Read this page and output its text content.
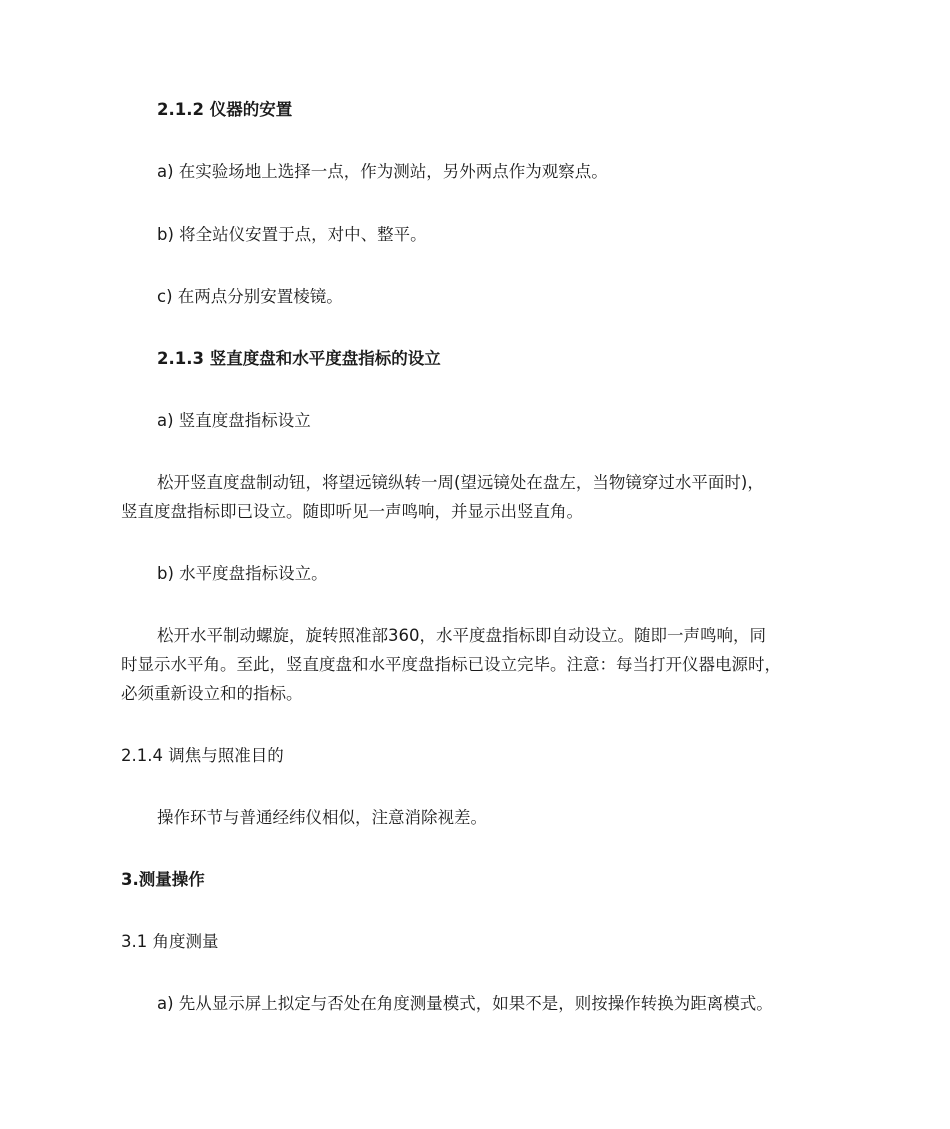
2.1.2 仪器的安置

a) 在实验场地上选择一点，作为测站，另外两点作为观察点。

b) 将全站仪安置于点，对中、整平。

c) 在两点分别安置棱镜。

2.1.3 竖直度盘和水平度盘指标的设立

a) 竖直度盘指标设立

松开竖直度盘制动钮，将望远镜纵转一周(望远镜处在盘左，当物镜穿过水平面时)，

竖直度盘指标即已设立。随即听见一声鸣响，并显示出竖直角。

b) 水平度盘指标设立。

松开水平制动螺旋，旋转照准部360，水平度盘指标即自动设立。随即一声鸣响，同

时显示水平角。至此，竖直度盘和水平度盘指标已设立完毕。注意：每当打开仪器电源时，

必须重新设立和的指标。

2.1.4 调焦与照准目的

操作环节与普通经纬仪相似，注意消除视差。

3.测量操作

3.1 角度测量

a) 先从显示屏上拟定与否处在角度测量模式，如果不是，则按操作转换为距离模式。
